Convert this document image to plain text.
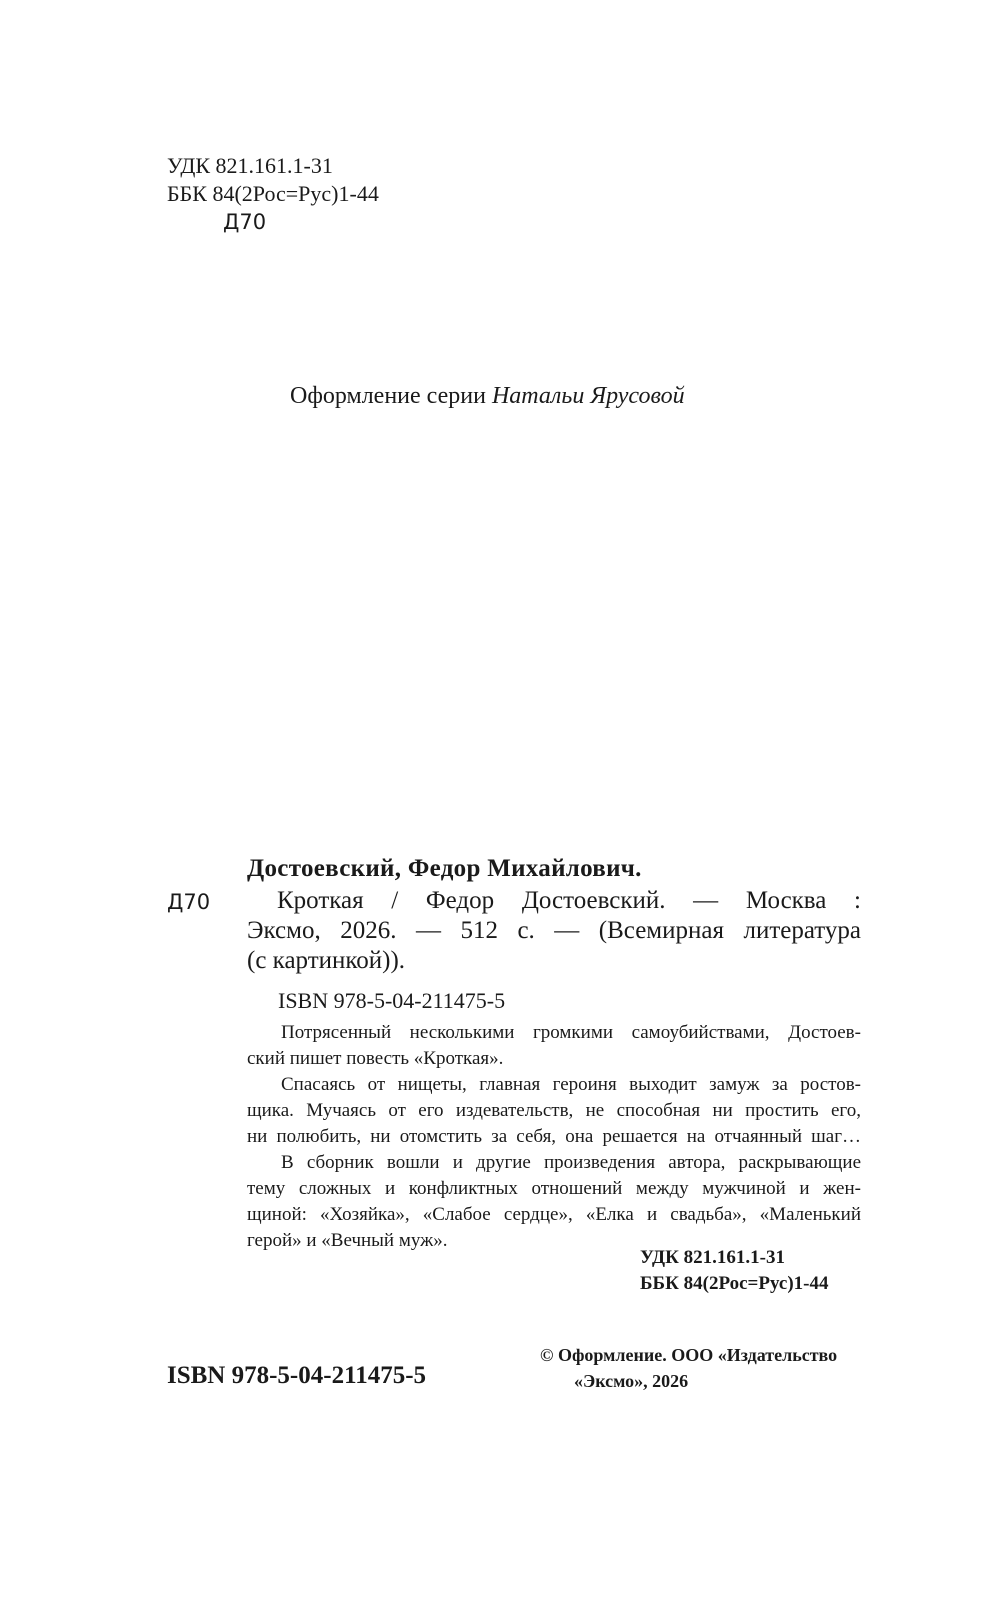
УДК 821.161.1-31
ББК 84(2Рос=Рус)1-44
Д70
Оформление серии Натальи Ярусовой
Достоевский, Федор Михайлович.
Д70	Кроткая / Федор Достоевский. — Москва :
Эксмо, 2026. — 512 с. — (Всемирная литература
(с картинкой)).
ISBN 978-5-04-211475-5

Потрясенный несколькими громкими самоубийствами, Достоев-
ский пишет повесть «Кроткая».

Спасаясь от нищеты, главная героиня выходит замуж за ростов-
щика. Мучаясь от его издевательств, не способная ни простить его,
ни полюбить, ни отомстить за себя, она решается на отчаянный шаг…

В сборник вошли и другие произведения автора, раскрывающие
тему сложных и конфликтных отношений между мужчиной и жен-
щиной: «Хозяйка», «Слабое сердце», «Елка и свадьба», «Маленький
герой» и «Вечный муж».

УДК 821.161.1-31
ББК 84(2Рос=Рус)1-44
ISBN 978-5-04-211475-5
© Оформление. ООО «Издательство
«Эксмо», 2026
